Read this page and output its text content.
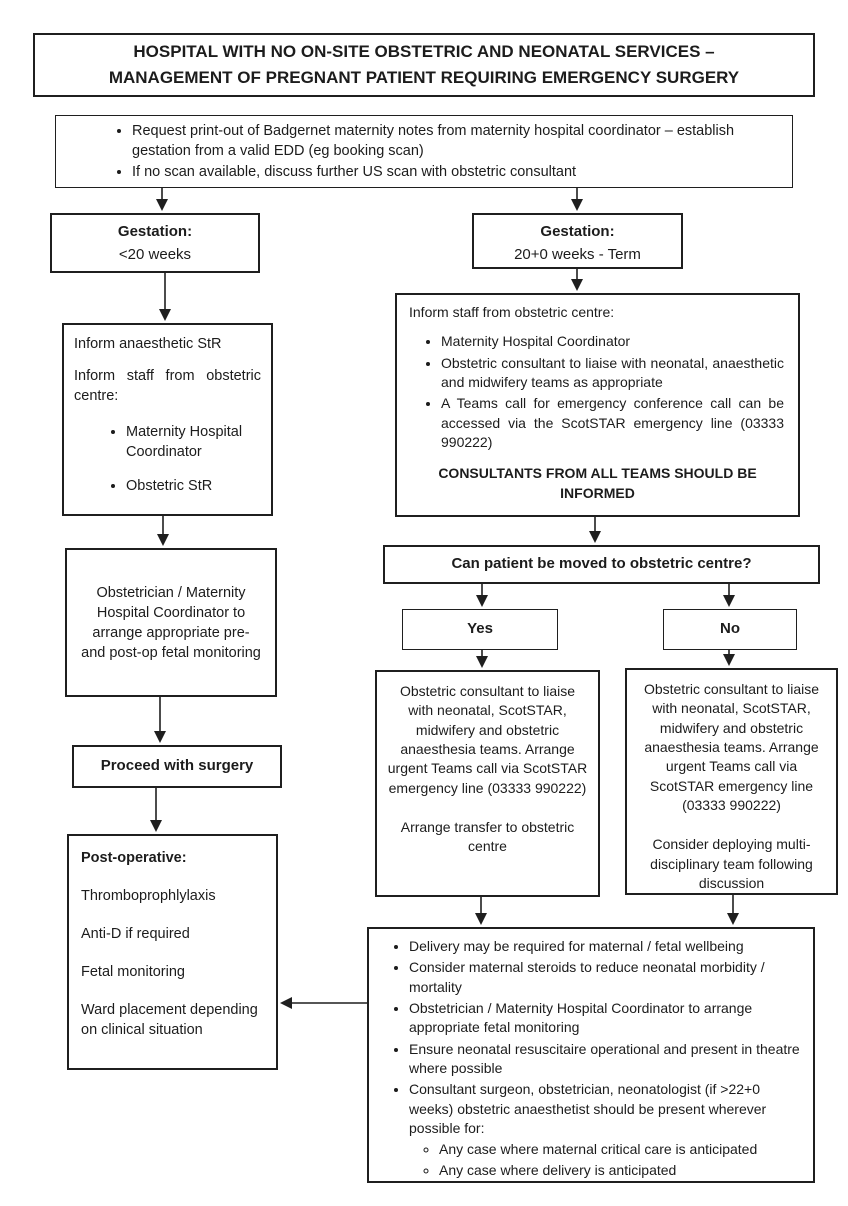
HOSPITAL WITH NO ON-SITE OBSTETRIC AND NEONATAL SERVICES –
MANAGEMENT OF PREGNANT PATIENT REQUIRING EMERGENCY SURGERY
• Request print-out of Badgernet maternity notes from maternity hospital coordinator – establish gestation from a valid EDD (eg booking scan)
• If no scan available, discuss further US scan with obstetric consultant
Gestation:
<20 weeks
Gestation:
20+0 weeks - Term

Inform anaesthetic StR

Inform staff from obstetric centre:

• Maternity Hospital Coordinator
• Obstetric StR

Inform staff from obstetric centre:

• Maternity Hospital Coordinator
• Obstetric consultant to liaise with neonatal, anaesthetic and midwifery teams as appropriate
• A Teams call for emergency conference call can be accessed via the ScotSTAR emergency line (03333 990222)
CONSULTANTS FROM ALL TEAMS SHOULD BE INFORMED
Can patient be moved to obstetric centre?
Yes	No
Obstetric consultant to liaise with neonatal, ScotSTAR, midwifery and obstetric anaesthesia teams. Arrange urgent Teams call via ScotSTAR emergency line (03333 990222)
Arrange transfer to obstetric centre
Obstetric consultant to liaise with neonatal, ScotSTAR, midwifery and obstetric anaesthesia teams. Arrange urgent Teams call via ScotSTAR emergency line (03333 990222)
Consider deploying multi-disciplinary team following discussion
Obstetrician / Maternity Hospital Coordinator to arrange appropriate pre- and post-op fetal monitoring
Proceed with surgery

Post-operative:

Thromboprophlylaxis

Anti-D if required

Fetal monitoring

Ward placement depending on clinical situation

• Delivery may be required for maternal / fetal wellbeing
• Consider maternal steroids to reduce neonatal morbidity / mortality
• Obstetrician / Maternity Hospital Coordinator to arrange appropriate fetal monitoring
• Ensure neonatal resuscitaire operational and present in theatre where possible
• Consultant surgeon, obstetrician, neonatologist (if >22+0 weeks) obstetric anaesthetist should be present wherever possible for:
◦ Any case where maternal critical care is anticipated
◦ Any case where delivery is anticipated
